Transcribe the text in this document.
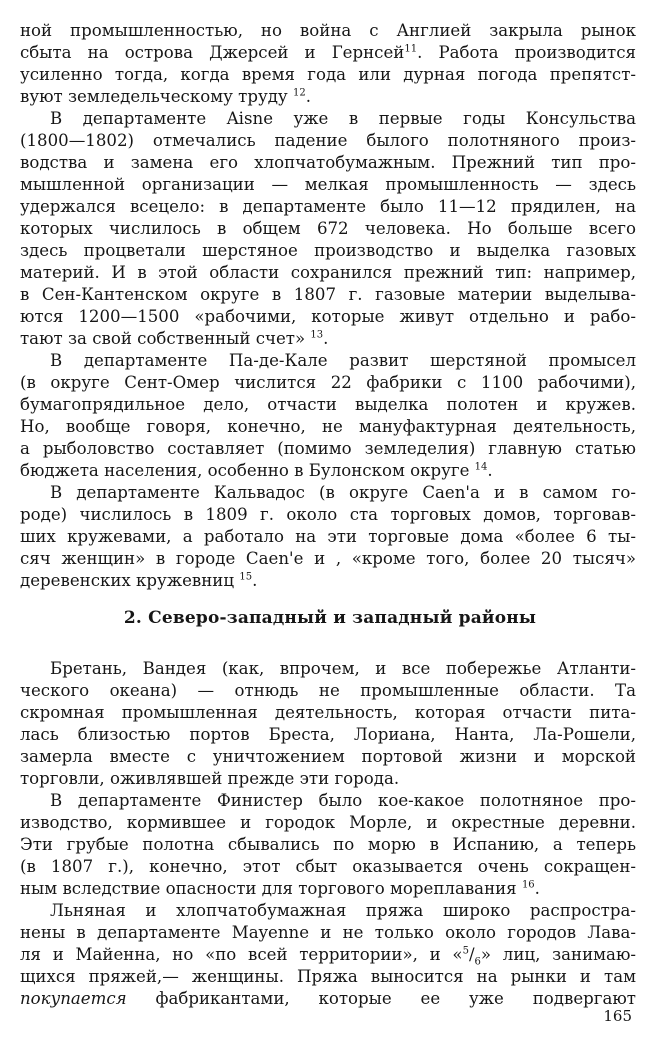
ной промышленностью, но война с Англией закрыла рынок
сбыта на острова Джерсей и Гернсей$^{11}$. Работа производится
усиленно тогда, когда время года или дурная погода препятст-
вуют земледельческому труду $^{12}$.
В департаменте Aisne уже в первые годы Консульства
(1800—1802) отмечались падение былого полотняного произ-
водства и замена его хлопчатобумажным. Прежний тип про-
мышленной организации — мелкая промышленность — здесь
удержался всецело: в департаменте было 11—12 прядилен, на
которых числилось в общем 672 человека. Но больше всего
здесь процветали шерстяное производство и выделка газовых
материй. И в этой области сохранился прежний тип: например,
в Сен-Кантенском округе в 1807 г. газовые материи выделыва-
ются 1200—1500 «рабочими, которые живут отдельно и рабо-
тают за свой собственный счет» $^{13}$.
В департаменте Па-де-Кале развит шерстяной промысел
(в округе Сент-Омер числится 22 фабрики с 1100 рабочими),
бумагопрядильное дело, отчасти выделка полотен и кружев.
Но, вообще говоря, конечно, не мануфактурная деятельность,
а рыболовство составляет (помимо земледелия) главную статью
бюджета населения, особенно в Булонском округе $^{14}$.
В департаменте Кальвадос (в округе Caen'а и в самом го-
роде) числилось в 1809 г. около ста торговых домов, торговав-
ших кружевами, а работало на эти торговые дома «более 6 ты-
сяч женщин» в городе Caen'е и , «кроме того, более 20 тысяч»
деревенских кружевниц $^{15}$.
2. Северо-западный и западный районы
Бретань, Вандея (как, впрочем, и все побережье Атланти-
ческого океана) — отнюдь не промышленные области. Та
скромная промышленная деятельность, которая отчасти пита-
лась близостью портов Бреста, Лориана, Нанта, Ла-Рошели,
замерла вместе с уничтожением портовой жизни и морской
торговли, оживлявшей прежде эти города.
В департаменте Финистер было кое-какое полотняное про-
изводство, кормившее и городок Морле, и окрестные деревни.
Эти грубые полотна сбывались по морю в Испанию, а теперь
(в 1807 г.), конечно, этот сбыт оказывается очень сокращен-
ным вследствие опасности для торгового мореплавания $^{16}$.
Льняная и хлопчатобумажная пряжа широко распростра-
нены в департаменте Mayenne и не только около городов Лава-
ля и Майенна, но «по всей территории», и «$^5/_6$» лиц, занимаю-
щихся пряжей,— женщины. Пряжа выносится на рынки и там
покупается фабрикантами, которые ее уже подвергают
165
